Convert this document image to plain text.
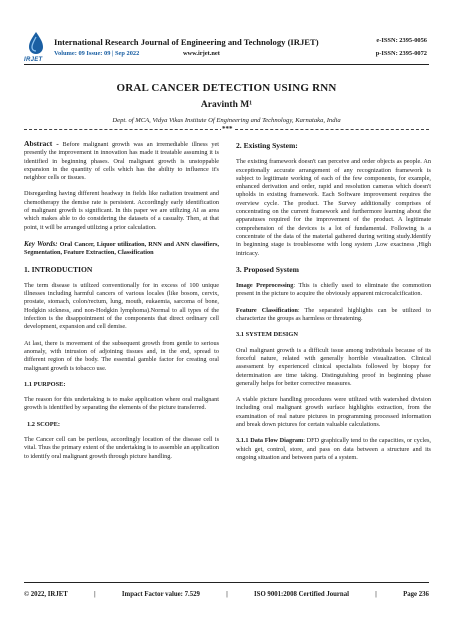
IRJET
International Research Journal of Engineering and Technology (IRJET)
Volume: 09 Issue: 09 | Sep 2022	www.irjet.net
e-ISSN: 2395-0056
p-ISSN: 2395-0072
ORAL CANCER DETECTION USING RNN
Aravinth M¹
Dept. of MCA, Vidya Vikas Institute Of Engineering and Technology, Karnataka, India
***

Abstract - Before malignant growth was an irremediable illness yet presently the improvement in innovation has made it treatable assuming it is identified in beginning phases. Oral malignant growth is unstoppable expansion in the quantity of cells which has the ability to influence it's neighbor cells or tissues.

Disregarding having different headway in fields like radiation treatment and chemotherapy the demise rate is persistent. Accordingly early identification of malignant growth is significant. In this paper we are utilizing AI as area which makes able to do considering the datasets of a casualty. Then, at that point, it will be arranged utilizing a prior calculation.

Key Words: Oral Cancer, Liquor utilization, RNN and ANN classifiers, Segmentation, Feature Extraction, Classification

1. INTRODUCTION

The term disease is utilized conventionally for in excess of 100 unique illnesses including harmful cancers of various locales (like bosom, cervix, prostate, stomach, colon/rectum, lung, mouth, eukaemia, sarcoma of bone, Hodgkin sickness, and non-Hodgkin lymphoma).Normal to all types of the infection is the disappointment of the components that direct ordinary cell development, expansion and cell demise.

At last, there is movement of the subsequent growth from gentle to serious anomaly, with intrusion of adjoining tissues and, in the end, spread to different region of the body. The essential gamble factor for creating oral malignant growth is tobacco use.

1.1 PURPOSE:

The reason for this undertaking is to make application where oral malignant growth is identified by separating the elements of the picture transferred.

1.2 SCOPE:

The Cancer cell can be perilous, accordingly location of the disease cell is vital. Thus the primary extent of the undertaking is to assemble an application to identify oral malignant growth through picture handling.

2. Existing System:

The existing framework doesn't can perceive and order objects as people. An exceptionally accurate arrangement of any recognization framework is subject to legitimate working of each of the few components, for example, enhanced derivation and order, rapid and resolution cameras which doesn't upholds in existing framework. Each Software improvement requires the overview cycle. The product. The Survey additionally comprises of concentrating on the current framework and furthermore learning about the apparatuses required for the improvement of the product. A legitimate comprehension of the devices is a lot of fundamental. Following is a concentrate of the data of the material gathered during writing study.Identify in beginning stage is troublesome with long system ,Low exactness ,High intricacy.

3. Proposed System

Image Preprocessing: This is chiefly used to eliminate the commotion present in the picture to acquire the obviously apparent microcalcification.

Feature Classification: The separated highlights can be utilized to characterize the groups as harmless or threatening.

3.1 SYSTEM DESIGN

Oral malignant growth is a difficult issue among individuals because of its forceful nature, related with generally horrible visualization. Clinical assessment by experienced clinical specialists followed by biopsy for determination are time taking. Distinguishing proof in beginning phase generally helps for better corrective measures.

A viable picture handling procedures were utilized with watershed division including oral malignant growth surface highlights extraction, from the examination of real nature pictures in programming processed information and break down pictures for certain valuable calculations.

3.1.1 Data Flow Diagram: DFD graphically tend to the capacities, or cycles, which get, control, store, and pass on data between a structure and its ongoing situation and between parts of a system.

© 2022, IRJET	|	Impact Factor value: 7.529	|	ISO 9001:2008 Certified Journal	|	Page 236
